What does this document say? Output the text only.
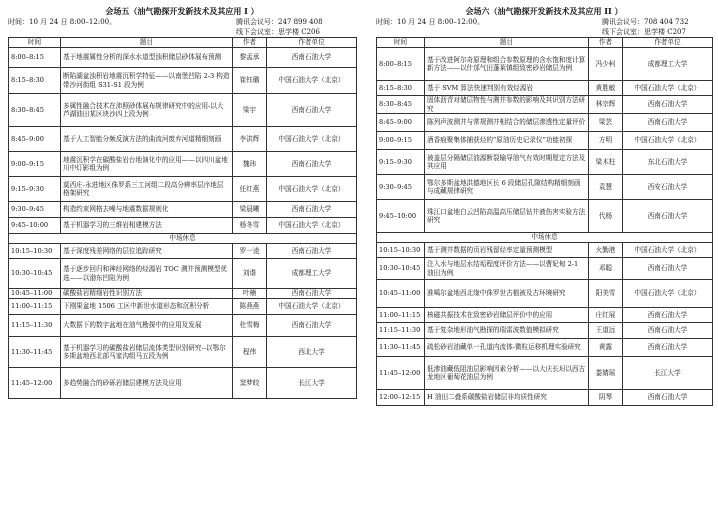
会场五（油气勘探开发新技术及其应用 I ）
时间：10 月 24 日 8:00–12:00。	腾讯会议号：247 899 408
线下会议室：思学楼 C206
时间	题目	作者	作者单位
8:00–8:15	基于地震属性分析的深水水道型浊积储层砂体展布预测	黎孟承	西南石油大学
8:15–8:30	断陷湖盆浊积岩地震沉积学特征——以南堡凹陷 2-3 构造带沙河街组 S31-S1 段为例	崔钰璐	中国石油大学（北京）
8:30–8:45	多属性融合技术在沛照砂体展布规律研究中的应用-以大芦湖油田某区块沙四上段为例	梁宇	西南石油大学
8:45–9:00	基于人工智能分频反演方法的曲流河废弃河道精细刻画	李洪辉	中国石油大学（北京）
9:00–9:15	地震沉积学在碳酸盐岩台地演化中的应用——以四川盆地川中灯影组为例	魏玮	西南石油大学
9:15–9:30	莫西庄-永进地区侏罗系三工河组二段高分辨率层序地层格架研究	任红燕	中国石油大学（北京）
9:30–9:45	构造约束网格去噪与地震数据规则化	梁晨曦	西南石油大学
9:45–10:00	基于机器学习的三维岩相建模方法	杨冬雪	中国石油大学（北京）
中场休息			
10:15–10:30	基于深度残差网络的层位追踪研究	罗一逵	西南石油大学
10:30–10:45	基于逐步回归和神经网络的烃源岩 TOC 测井预测模型优选——以渤东凹陷为例	刘谐	成都理工大学
10:45–11:00	碳酸盐岩精细岩性识别方法	叶楠	西南石油大学
11:00–11:15	下刚果盆地 1506 工区中新世水道形态和沉积分析	陈燕燕	中国石油大学（北京）
11:15–11:30	大数据下的数字盆地在油气勘探中的应用及发展	杜雪梅	西南石油大学
11:30–11:45	基于机器学习的碳酸盐岩储层流体类型识别研究--以鄂尔多斯盆地西北部马家沟组马五段为例	程伟	西北大学
11:45–12:00	多趋势融合的砂砾岩储层建模方法及应用	窦梦皎	长江大学
会场六（油气勘探开发新技术及其应用 II ）
时间：10 月 24 日 8:00–12:00。	腾讯会议号：708 404 732
线下会议室：思学楼 C207
时间	题目	作者	作者单位
8:00–8:15	基于改进阿尔奇原理和组合参数原理的含水饱和度计算新方法——以什邡气田蓬莱镇组致密砂岩储层为例	冯少柯	成都理工大学
8:15–8:30	基于 SVM 算法快速判别有效烃源岩	黄胜敏	中国石油大学（北京）
8:30–8:45	固体沥青对储层物性与测井参数的影响及其识别方法研究	林宗辉	西南石油大学
8:45–9:00	陈列声波测井与常规测井相结合的储层渗透性定量评价	梁芸	西南石油大学
9:00–9:15	酒香痕聚集体捕获烃的“原油历史记录仪”功能初探	方明	中国石油大学（北京）
9:15–9:30	被盖层分隔储层油源断裂输导油气有效时期厘定方法及其应用	梁木柱	东北石油大学
9:30–9:45	鄂尔多斯盆地洪德地区长 6 段储层孔隙结构精细刻画与成藏规律研究	袁慧	西安石油大学
9:45–10:00	珠江口盆地白云凹陷高温高压储层钻井液伤害实验方法研究	代杨	西南石油大学
中场休息			
10:15–10:30	基于测井数据的页岩残留烃率定量预测模型	火勤港	中国石油大学（北京）
10:30–10:45	注入水与地层水结垢程度评价方法——以曹妃甸 2-1 油田为例	邓聪	西南石油大学
10:45–11:00	准噶尔盆地西北缘中侏罗世古植被及古环境研究	阳美雪	中国石油大学（北京）
11:00–11:15	核磁共振技术在致密砂岩储层评价中的应用	庄红展	西南石油大学
11:15–11:30	基于复杂地形油气勘探的瑞雷波数值模拟研究	王道远	西南石油大学
11:30–11:45	疏松砂岩油藏单一孔道内流体-微粒运移机理实验研究	黄露	西南石油大学
11:45–12:00	低渗油藏低阻油层影响因素分析——以大庆长垣以西古龙地区葡萄花油层为例	娄婧瑶	长江大学
12:00–12:15	H 油田二叠系碳酸盐岩储层非均质性研究	阴琴	西南石油大学
